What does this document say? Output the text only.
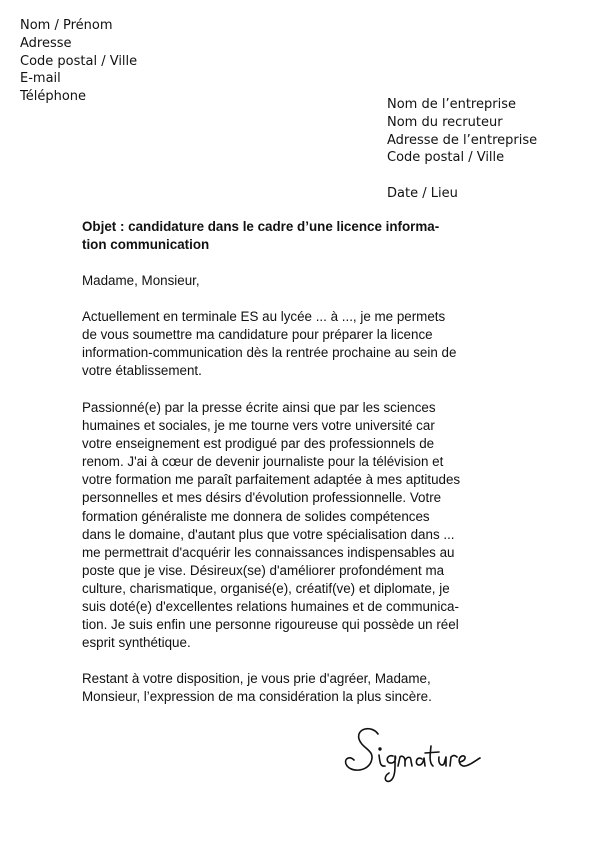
Nom / Prénom
Adresse
Code postal / Ville
E-mail
Téléphone
Nom de l’entreprise
Nom du recruteur
Adresse de l’entreprise
Code postal / Ville
Date / Lieu
Objet : candidature dans le cadre d’une licence informa-
tion communication
Madame, Monsieur,
Actuellement en terminale ES au lycée ... à ..., je me permets
de vous soumettre ma candidature pour préparer la licence
information-communication dès la rentrée prochaine au sein de
votre établissement.
Passionné(e) par la presse écrite ainsi que par les sciences
humaines et sociales, je me tourne vers votre université car
votre enseignement est prodigué par des professionnels de
renom. J'ai à cœur de devenir journaliste pour la télévision et
votre formation me paraît parfaitement adaptée à mes aptitudes
personnelles et mes désirs d'évolution professionnelle. Votre
formation généraliste me donnera de solides compétences
dans le domaine, d'autant plus que votre spécialisation dans ...
me permettrait d'acquérir les connaissances indispensables au
poste que je vise. Désireux(se) d'améliorer profondément ma
culture, charismatique, organisé(e), créatif(ve) et diplomate, je
suis doté(e) d'excellentes relations humaines et de communica-
tion. Je suis enfin une personne rigoureuse qui possède un réel
esprit synthétique.
Restant à votre disposition, je vous prie d'agréer, Madame,
Monsieur, l’expression de ma considération la plus sincère.
